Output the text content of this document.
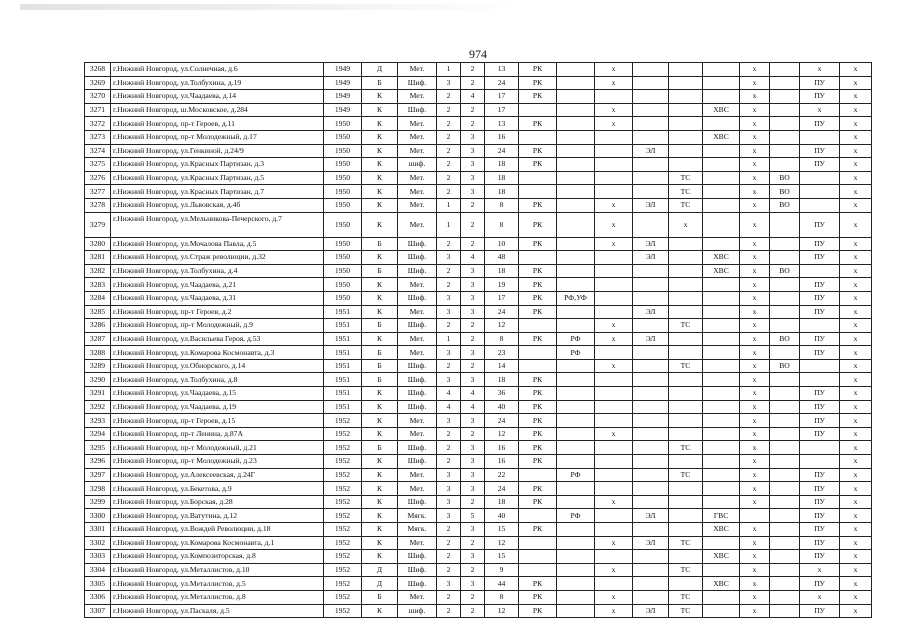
974
3268	г.Нижний Новгород, ул.Солнечная, д.6	1949	Д	Мет.	1	2	13	РК		х				х		х	х
3269	г.Нижний Новгород, ул.Толбухина, д.19	1949	Б	Шиф.	3	2	24	РК		х				х		ПУ	х
3270	г.Нижний Новгород, ул.Чаадаева, д.14	1949	К	Мет.	2	4	17	РК						х		ПУ	х
3271	г.Нижний Новгород, ш.Московское, д.284	1949	К	Шиф.	2	2	17			х			ХВС	х		х	х
3272	г.Нижний Новгород, пр-т Героев, д.11	1950	К	Мет.	2	2	13	РК		х				х		ПУ	х
3273	г.Нижний Новгород, пр-т Молодежный, д.17	1950	К	Мет.	2	3	16						ХВС	х			х
3274	г.Нижний Новгород, ул.Генкиной, д.24/9	1950	К	Мет.	2	3	24	РК			ЭЛ			х		ПУ	х
3275	г.Нижний Новгород, ул.Красных Партизан, д.3	1950	К	шиф.	2	3	18	РК						х		ПУ	х
3276	г.Нижний Новгород, ул.Красных Партизан, д.5	1950	К	Мет.	2	3	18					ТС		х	ВО		х
3277	г.Нижний Новгород, ул.Красных Партизан, д.7	1950	К	Мет.	2	3	18					ТС		х	ВО		х
3278	г.Нижний Новгород, ул.Львовская, д.4б	1950	К	Мет.	1	2	8	РК		х	ЭЛ	ТС		х	ВО		х
3279	г.Нижний Новгород, ул.Мельникова-Печерского, д.7	1950	К	Мет.	1	2	8	РК		х		х		х		ПУ	х
3280	г.Нижний Новгород, ул.Мочалова Павла, д.5	1950	Б	Шиф.	2	2	10	РК		х	ЭЛ			х		ПУ	х
3281	г.Нижний Новгород, ул.Страж революции, д.32	1950	К	Шиф.	3	4	48				ЭЛ		ХВС	х		ПУ	х
3282	г.Нижний Новгород, ул.Толбухина, д.4	1950	Б	Шиф.	2	3	18	РК					ХВС	х	ВО		х
3283	г.Нижний Новгород, ул.Чаадаева, д.21	1950	К	Мет.	2	3	19	РК						х		ПУ	х
3284	г.Нижний Новгород, ул.Чаадаева, д.31	1950	К	Шиф.	3	3	17	РК	РФ,УФ					х		ПУ	х
3285	г.Нижний Новгород, пр-т Героев, д.2	1951	К	Мет.	3	3	24	РК			ЭЛ			х		ПУ	х
3286	г.Нижний Новгород, пр-т Молодежный, д.9	1951	Б	Шиф.	2	2	12			х		ТС		х			х
3287	г.Нижний Новгород, ул.Васильева Героя, д.53	1951	К	Мет.	1	2	8	РК	РФ	х	ЭЛ			х	ВО	ПУ	х
3288	г.Нижний Новгород, ул.Комарова Космонавта, д.3	1951	Б	Мет.	3	3	23		РФ					х		ПУ	х
3289	г.Нижний Новгород, ул.Обнорского, д.14	1951	Б	Шиф.	2	2	14			х		ТС		х	ВО		х
3290	г.Нижний Новгород, ул.Толбухина, д.8	1951	Б	Шиф.	3	3	18	РК						х			х
3291	г.Нижний Новгород, ул.Чаадаева, д.15	1951	К	Шиф.	4	4	36	РК						х		ПУ	х
3292	г.Нижний Новгород, ул.Чаадаева, д.19	1951	К	Шиф.	4	4	40	РК						х		ПУ	х
3293	г.Нижний Новгород, пр-т Героев, д.15	1952	К	Мет.	3	3	24	РК						х		ПУ	х
3294	г.Нижний Новгород, пр-т Ленина, д.87А	1952	К	Мет.	2	2	12	РК		х				х		ПУ	х
3295	г.Нижний Новгород, пр-т Молодежный, д.21	1952	Б	Шиф.	2	3	16	РК				ТС		х			х
3296	г.Нижний Новгород, пр-т Молодежный, д.23	1952	К	Шиф.	2	3	16	РК						х			х
3297	г.Нижний Новгород, ул.Алексеевская, д.24Г	1952	К	Мет.	3	3	22		РФ			ТС		х		ПУ	х
3298	г.Нижний Новгород, ул.Бекетова, д.9	1952	К	Мет.	3	3	24	РК						х		ПУ	х
3299	г.Нижний Новгород, ул.Борская, д.28	1952	К	Шиф.	3	2	18	РК		х				х		ПУ	х
3300	г.Нижний Новгород, ул.Ватутина, д.12	1952	К	Мягк.	3	5	40		РФ		ЭЛ		ГВС			ПУ	х
3301	г.Нижний Новгород, ул.Вождей Революции, д.18	1952	К	Мягк.	2	3	15	РК					ХВС	х		ПУ	х
3302	г.Нижний Новгород, ул.Комарова Космонавта, д.1	1952	К	Мет.	2	2	12			х	ЭЛ	ТС		х		ПУ	х
3303	г.Нижний Новгород, ул.Композиторская, д.8	1952	К	Шиф.	2	3	15						ХВС	х		ПУ	х
3304	г.Нижний Новгород, ул.Металлистов, д.10	1952	Д	Шиф.	2	2	9			х		ТС		х		х	х
3305	г.Нижний Новгород, ул.Металлистов, д.5	1952	Д	Шиф.	3	3	44	РК					ХВС	х		ПУ	х
3306	г.Нижний Новгород, ул.Металлистов, д.8	1952	Б	Мет.	2	2	8	РК		х		ТС		х		х	х
3307	г.Нижний Новгород, ул.Паскаля, д.5	1952	К	шиф.	2	2	12	РК		х	ЭЛ	ТС		х		ПУ	х
